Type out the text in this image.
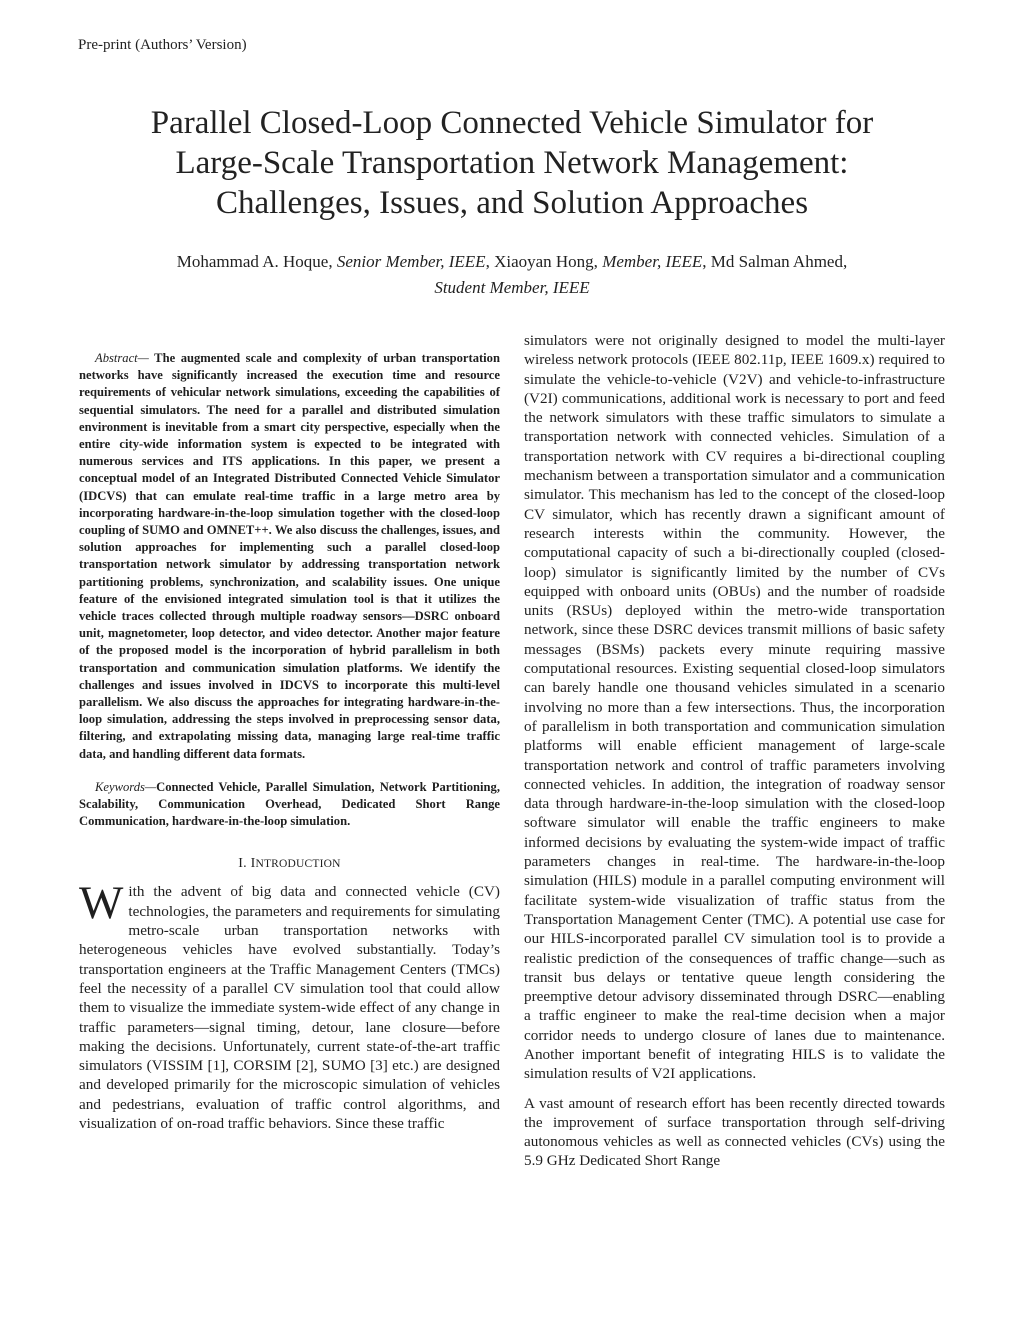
Pre-print (Authors’ Version)
Parallel Closed-Loop Connected Vehicle Simulator for
Large-Scale Transportation Network Management:
Challenges, Issues, and Solution Approaches
Mohammad A. Hoque, Senior Member, IEEE, Xiaoyan Hong, Member, IEEE, Md Salman Ahmed,
Student Member, IEEE

Abstract— The augmented scale and complexity of urban transportation networks have significantly increased the execution time and resource requirements of vehicular network simulations, exceeding the capabilities of sequential simulators. The need for a parallel and distributed simulation environment is inevitable from a smart city perspective, especially when the entire city-wide information system is expected to be integrated with numerous services and ITS applications. In this paper, we present a conceptual model of an Integrated Distributed Connected Vehicle Simulator (IDCVS) that can emulate real-time traffic in a large metro area by incorporating hardware-in-the-loop simulation together with the closed-loop coupling of SUMO and OMNET++. We also discuss the challenges, issues, and solution approaches for implementing such a parallel closed-loop transportation network simulator by addressing transportation network partitioning problems, synchronization, and scalability issues. One unique feature of the envisioned integrated simulation tool is that it utilizes the vehicle traces collected through multiple roadway sensors—DSRC onboard unit, magnetometer, loop detector, and video detector. Another major feature of the proposed model is the incorporation of hybrid parallelism in both transportation and communication simulation platforms. We identify the challenges and issues involved in IDCVS to incorporate this multi-level parallelism. We also discuss the approaches for integrating hardware-in-the-loop simulation, addressing the steps involved in preprocessing sensor data, filtering, and extrapolating missing data, managing large real-time traffic data, and handling different data formats.

Keywords—Connected Vehicle, Parallel Simulation, Network Partitioning, Scalability, Communication Overhead, Dedicated Short Range Communication, hardware-in-the-loop simulation.

I. INTRODUCTION

With the advent of big data and connected vehicle (CV) technologies, the parameters and requirements for simulating metro-scale urban transportation networks with heterogeneous vehicles have evolved substantially. Today’s transportation engineers at the Traffic Management Centers (TMCs) feel the necessity of a parallel CV simulation tool that could allow them to visualize the immediate system-wide effect of any change in traffic parameters—signal timing, detour, lane closure—before making the decisions. Unfortunately, current state-of-the-art traffic simulators (VISSIM [1], CORSIM [2], SUMO [3] etc.) are designed and developed primarily for the microscopic simulation of vehicles and pedestrians, evaluation of traffic control algorithms, and visualization of on-road traffic behaviors. Since these traffic

simulators were not originally designed to model the multi-layer wireless network protocols (IEEE 802.11p, IEEE 1609.x) required to simulate the vehicle-to-vehicle (V2V) and vehicle-to-infrastructure (V2I) communications, additional work is necessary to port and feed the network simulators with these traffic simulators to simulate a transportation network with connected vehicles. Simulation of a transportation network with CV requires a bi-directional coupling mechanism between a transportation simulator and a communication simulator. This mechanism has led to the concept of the closed-loop CV simulator, which has recently drawn a significant amount of research interests within the community. However, the computational capacity of such a bi-directionally coupled (closed-loop) simulator is significantly limited by the number of CVs equipped with onboard units (OBUs) and the number of roadside units (RSUs) deployed within the metro-wide transportation network, since these DSRC devices transmit millions of basic safety messages (BSMs) packets every minute requiring massive computational resources. Existing sequential closed-loop simulators can barely handle one thousand vehicles simulated in a scenario involving no more than a few intersections. Thus, the incorporation of parallelism in both transportation and communication simulation platforms will enable efficient management of large-scale transportation network and control of traffic parameters involving connected vehicles. In addition, the integration of roadway sensor data through hardware-in-the-loop simulation with the closed-loop software simulator will enable the traffic engineers to make informed decisions by evaluating the system-wide impact of traffic parameters changes in real-time. The hardware-in-the-loop simulation (HILS) module in a parallel computing environment will facilitate system-wide visualization of traffic status from the Transportation Management Center (TMC). A potential use case for our HILS-incorporated parallel CV simulation tool is to provide a realistic prediction of the consequences of traffic change—such as transit bus delays or tentative queue length considering the preemptive detour advisory disseminated through DSRC—enabling a traffic engineer to make the real-time decision when a major corridor needs to undergo closure of lanes due to maintenance. Another important benefit of integrating HILS is to validate the simulation results of V2I applications.

A vast amount of research effort has been recently directed towards the improvement of surface transportation through self-driving autonomous vehicles as well as connected vehicles (CVs) using the 5.9 GHz Dedicated Short Range
